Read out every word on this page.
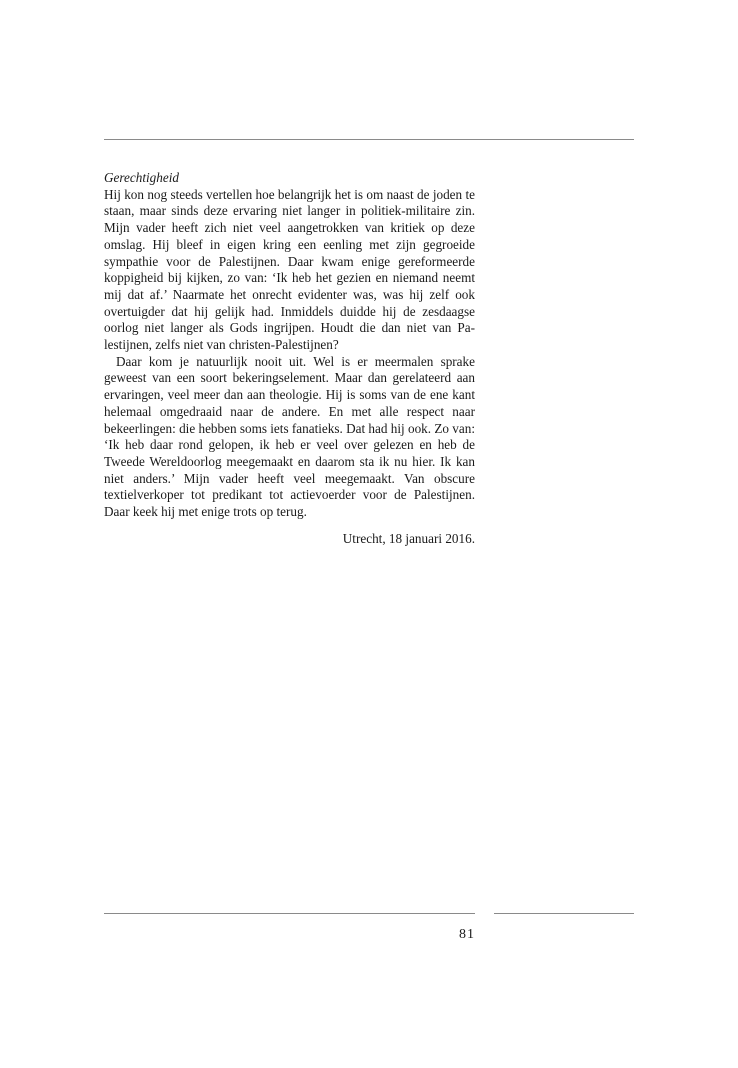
Gerechtigheid

Hij kon nog steeds vertellen hoe belangrijk het is om naast de joden te staan, maar sinds deze ervaring niet langer in politiek-militaire zin. Mijn vader heeft zich niet veel aangetrokken van kritiek op deze omslag. Hij bleef in eigen kring een eenling met zijn gegroeide sympathie voor de Palestijnen. Daar kwam enige gereformeerde koppigheid bij kijken, zo van: ‘Ik heb het gezien en niemand neemt mij dat af.’ Naarmate het onrecht evidenter was, was hij zelf ook overtuigder dat hij gelijk had. Inmiddels duidde hij de zesdaagse oorlog niet langer als Gods ingrijpen. Houdt die dan niet van Palestijnen, zelfs niet van christen-Palestijnen?

Daar kom je natuurlijk nooit uit. Wel is er meermalen sprake geweest van een soort bekeringselement. Maar dan gerelateerd aan ervaringen, veel meer dan aan theologie. Hij is soms van de ene kant helemaal omgedraaid naar de andere. En met alle respect naar bekeerlingen: die hebben soms iets fanatieks. Dat had hij ook. Zo van: ‘Ik heb daar rond gelopen, ik heb er veel over gelezen en heb de Tweede Wereldoorlog meegemaakt en daarom sta ik nu hier. Ik kan niet anders.’ Mijn vader heeft veel meegemaakt. Van obscure textielverkoper tot predikant tot actievoerder voor de Palestijnen. Daar keek hij met enige trots op terug.

Utrecht, 18 januari 2016.

81
